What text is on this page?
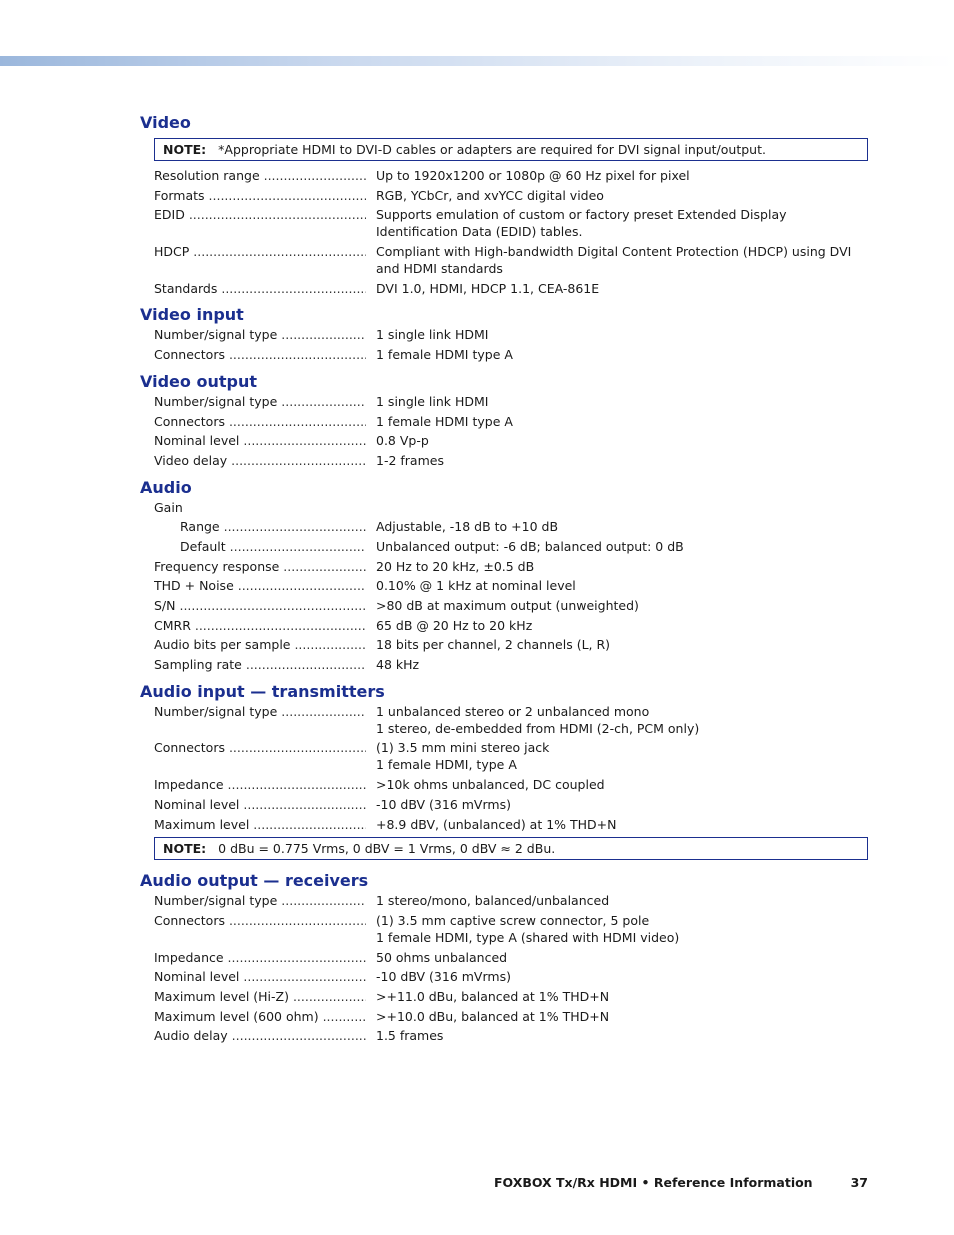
Video
NOTE: *Appropriate HDMI to DVI-D cables or adapters are required for DVI signal input/output.
Resolution range .....	Up to 1920x1200 or 1080p @ 60 Hz pixel for pixel
Formats .....	RGB, YCbCr, and xvYCC digital video
EDID .....	Supports emulation of custom or factory preset Extended Display Identification Data (EDID) tables.
HDCP .....	Compliant with High-bandwidth Digital Content Protection (HDCP) using DVI and HDMI standards
Standards .....	DVI 1.0, HDMI, HDCP 1.1, CEA-861E
Video input
Number/signal type .....	1 single link HDMI
Connectors .....	1 female HDMI type A
Video output
Number/signal type .....	1 single link HDMI
Connectors .....	1 female HDMI type A
Nominal level .....	0.8 Vp-p
Video delay .....	1-2 frames
Audio
Gain
Range .....	Adjustable, -18 dB to +10 dB
Default .....	Unbalanced output: -6 dB; balanced output: 0 dB
Frequency response .....	20 Hz to 20 kHz, ±0.5 dB
THD + Noise .....	0.10% @ 1 kHz at nominal level
S/N .....	>80 dB at maximum output (unweighted)
CMRR .....	65 dB @ 20 Hz to 20 kHz
Audio bits per sample .....	18 bits per channel, 2 channels (L, R)
Sampling rate .....	48 kHz
Audio input — transmitters
Number/signal type .....	1 unbalanced stereo or 2 unbalanced mono
1 stereo, de-embedded from HDMI (2-ch, PCM only)
Connectors .....	(1) 3.5 mm mini stereo jack
1 female HDMI, type A
Impedance .....	>10k ohms unbalanced, DC coupled
Nominal level .....	-10 dBV (316 mVrms)
Maximum level .....	+8.9 dBV, (unbalanced) at 1% THD+N
NOTE: 0 dBu = 0.775 Vrms, 0 dBV = 1 Vrms, 0 dBV ≈ 2 dBu.
Audio output — receivers
Number/signal type .....	1 stereo/mono, balanced/unbalanced
Connectors .....	(1) 3.5 mm captive screw connector, 5 pole
1 female HDMI, type A (shared with HDMI video)
Impedance .....	50 ohms unbalanced
Nominal level .....	-10 dBV (316 mVrms)
Maximum level (Hi-Z) .....	>+11.0 dBu, balanced at 1% THD+N
Maximum level (600 ohm) .....	>+10.0 dBu, balanced at 1% THD+N
Audio delay .....	1.5 frames
FOXBOX Tx/Rx HDMI • Reference Information	37
